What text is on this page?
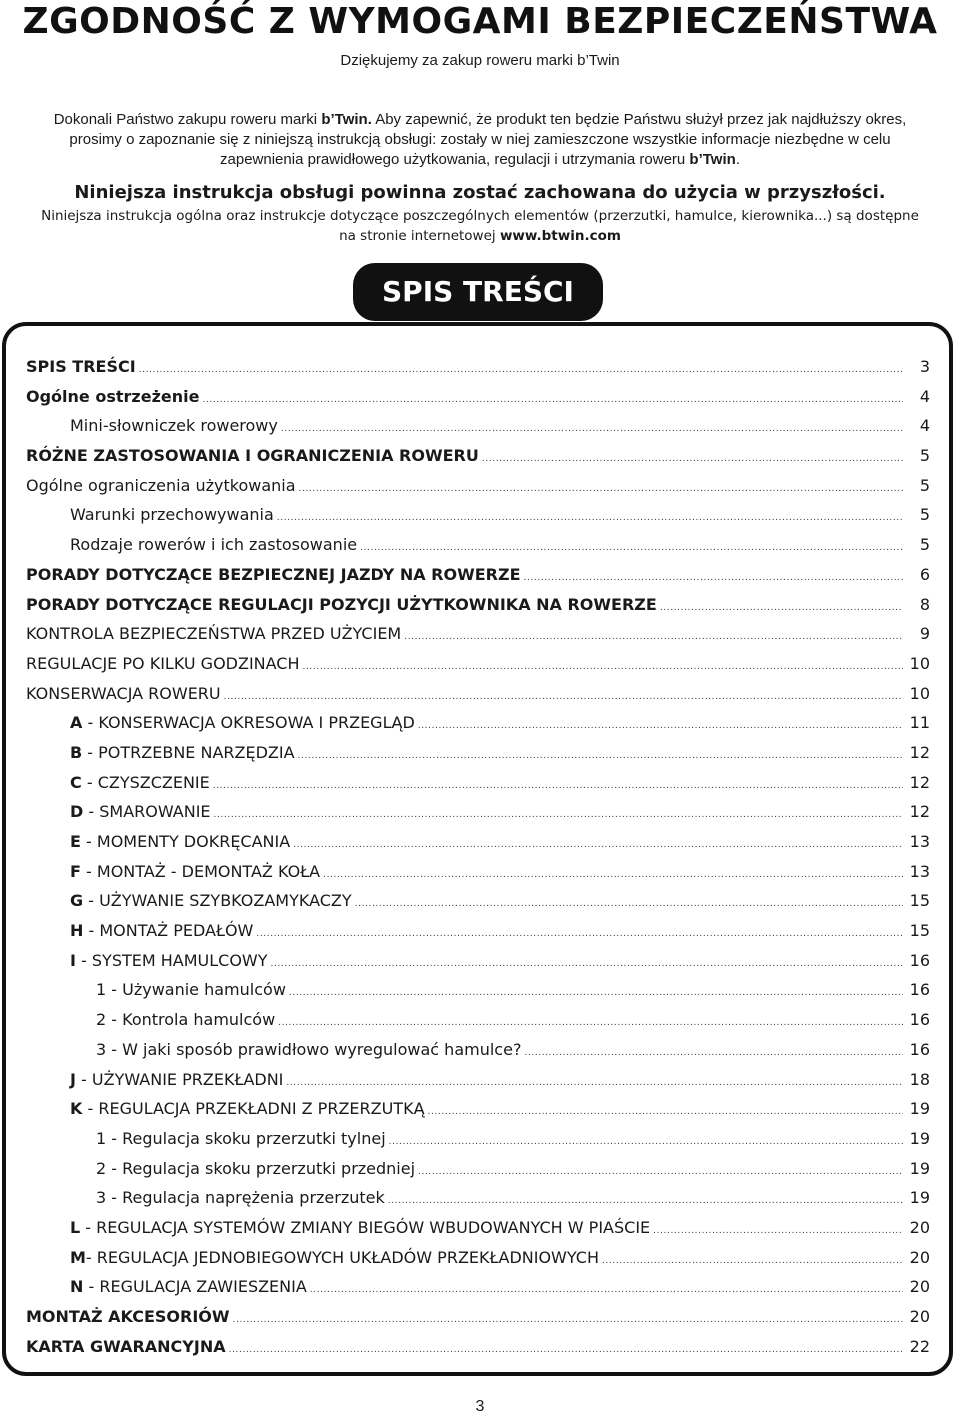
ZGODNOŚĆ Z WYMOGAMI BEZPIECZEŃSTWA
Dziękujemy za zakup roweru marki b’Twin
Dokonali Państwo zakupu roweru marki b’Twin. Aby zapewnić, że produkt ten będzie Państwu służył przez jak najdłuższy okres, prosimy o zapoznanie się z niniejszą instrukcją obsługi: zostały w niej zamieszczone wszystkie informacje niezbędne w celu zapewnienia prawidłowego użytkowania, regulacji i utrzymania roweru b’Twin.
Niniejsza instrukcja obsługi powinna zostać zachowana do użycia w przyszłości.
Niniejsza instrukcja ogólna oraz instrukcje dotyczące poszczególnych elementów (przerzutki, hamulce, kierownika...) są dostępne na stronie internetowej www.btwin.com
SPIS TREŚCI
SPIS TREŚCI .....	3
Ogólne ostrzeżenie .....	4
Mini-słowniczek rowerowy .....	4
RÓŻNE ZASTOSOWANIA I OGRANICZENIA ROWERU .....	5
Ogólne ograniczenia użytkowania .....	5
Warunki przechowywania .....	5
Rodzaje rowerów i ich zastosowanie .....	5
PORADY DOTYCZĄCE BEZPIECZNEJ JAZDY NA ROWERZE .....	6
PORADY DOTYCZĄCE REGULACJI POZYCJI UŻYTKOWNIKA NA ROWERZE .....	8
KONTROLA BEZPIECZEŃSTWA PRZED UŻYCIEM .....	9
REGULACJE PO KILKU GODZINACH .....	10
KONSERWACJA ROWERU .....	10
A - KONSERWACJA OKRESOWA I PRZEGLĄD .....	11
B - POTRZEBNE NARZĘDZIA .....	12
C - CZYSZCZENIE .....	12
D - SMAROWANIE .....	12
E - MOMENTY DOKRĘCANIA .....	13
F - MONTAŻ - DEMONTAŻ KOŁA .....	13
G - UŻYWANIE SZYBKOZAMYKACZY .....	15
H - MONTAŻ PEDAŁÓW .....	15
I - SYSTEM HAMULCOWY .....	16
1 - Używanie hamulców .....	16
2 - Kontrola hamulców .....	16
3 - W jaki sposób prawidłowo wyregulować hamulce? .....	16
J - UŻYWANIE PRZEKŁADNI .....	18
K - REGULACJA PRZEKŁADNI Z PRZERZUTKĄ .....	19
1 - Regulacja skoku przerzutki tylnej .....	19
2 - Regulacja skoku przerzutki przedniej .....	19
3 - Regulacja naprężenia przerzutek .....	19
L - REGULACJA SYSTEMÓW ZMIANY BIEGÓW WBUDOWANYCH W PIAŚCIE .....	20
M- REGULACJA JEDNOBIEGOWYCH UKŁADÓW PRZEKŁADNIOWYCH .....	20
N - REGULACJA ZAWIESZENIA .....	20
MONTAŻ AKCESORIÓW .....	20
KARTA GWARANCYJNA .....	22
3
